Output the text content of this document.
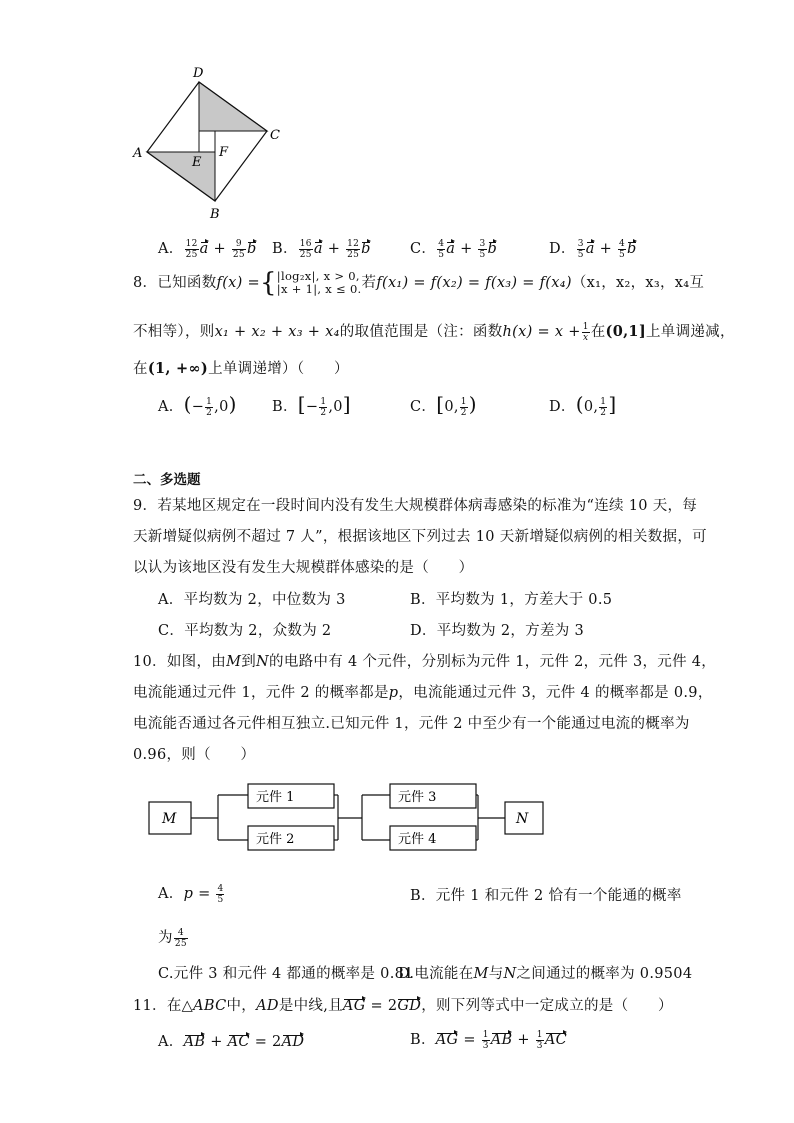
D
A
C
E
F
B
A． $\frac{12}{25}$ $a + \frac{9}{25}$ b B． $\frac{16}{25}$ $a + \frac{12}{25}$ b	C． $\frac{4}{5}$ $a + \frac{3}{5}$ b	D． $\frac{3}{5}$ $a + \frac{4}{5}$ b
8．已知函数f(x) ={ |log₂x|, x > 0,
|x + 1|, x ≤ 0. 若f(x₁) = f(x₂) = f(x₃) = f(x₄)（x₁，x₂，x₃，x₄互
不相等），则x₁ + x₂ + x₃ + x₄的取值范围是（注：函数$h(x) = x + \frac{1}{x}$ 在(0,1]上单调递减，
在(1, +∞)上单调递增）（　　）
A．(− $\frac{1}{2} ,0$) B．[− $\frac{1}{2} ,0$]	C．[0, $\frac{1}{2}$ )	D．(0, $\frac{1}{2}$ ]
二、多选题
9．若某地区规定在一段时间内没有发生大规模群体病毒感染的标准为“连续 10 天，每
天新增疑似病例不超过 7 人”，根据该地区下列过去 10 天新增疑似病例的相关数据，可
以认为该地区没有发生大规模群体感染的是（　　）
A．平均数为 2，中位数为 3	B．平均数为 1，方差大于 0.5
C．平均数为 2，众数为 2	D．平均数为 2，方差为 3
10．如图，由M到N的电路中有 4 个元件，分别标为元件 1，元件 2，元件 3，元件 4，
电流能通过元件 1，元件 2 的概率都是p，电流能通过元件 3，元件 4 的概率都是 0.9，
电流能否通过各元件相互独立.已知元件 1，元件 2 中至少有一个能通过电流的概率为
0.96，则（　　）
M	N
元件 1
元件 2
元件 3
元件 4
A．$p = \frac{4}{5}$	B．元件 1 和元件 2 恰有一个能通的概率
为 $\frac{4}{25}$
C.元件 3 和元件 4 都通的概率是 0.81
D.电流能在M与N之间通过的概率为 0.9504
11．在△ABC中，AD是中线,且AG = 2GD，则下列等式中一定成立的是（　　）
A．AB + AC = 2AD	B．AG = $\frac{1}{3}$ AB + $\frac{1}{3}$ AC
